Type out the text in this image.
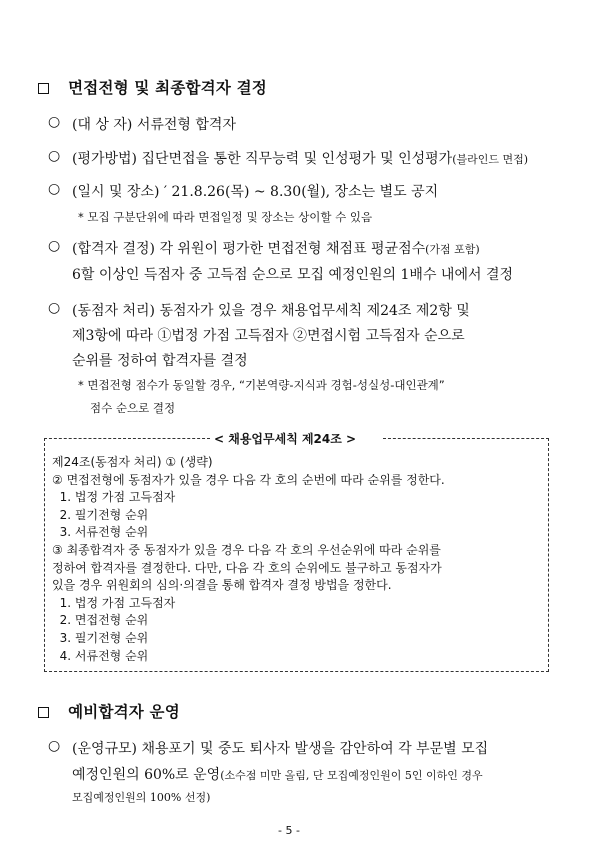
면접전형 및 최종합격자 결정
○ (대 상 자) 서류전형 합격자
○ (평가방법) 집단면접을 통한 직무능력 및 인성평가 및 인성평가(블라인드 면접)
○ (일시 및 장소) ′ 21.8.26(목) ~ 8.30(월), 장소는 별도 공지
* 모집 구분단위에 따라 면접일정 및 장소는 상이할 수 있음
○ (합격자 결정) 각 위원이 평가한 면접전형 채점표 평균점수(가점 포함)
6할 이상인 득점자 중 고득점 순으로 모집 예정인원의 1배수 내에서 결정
○ (동점자 처리) 동점자가 있을 경우 채용업무세칙 제24조 제2항 및
제3항에 따라 ①법정 가점 고득점자 ②면접시험 고득점자 순으로
순위를 정하여 합격자를 결정
* 면접전형 점수가 동일할 경우, “기본역량-지식과 경험-성실성-대인관계”
점수 순으로 결정
< 채용업무세칙 제24조 >
제24조(동점자 처리) ① (생략)
② 면접전형에 동점자가 있을 경우 다음 각 호의 순번에 따라 순위를 정한다.
1. 법정 가점 고득점자
2. 필기전형 순위
3. 서류전형 순위
③ 최종합격자 중 동점자가 있을 경우 다음 각 호의 우선순위에 따라 순위를
정하여 합격자를 결정한다. 다만, 다음 각 호의 순위에도 불구하고 동점자가
있을 경우 위원회의 심의·의결을 통해 합격자 결정 방법을 정한다.
1. 법정 가점 고득점자
2. 면접전형 순위
3. 필기전형 순위
4. 서류전형 순위
예비합격자 운영
○ (운영규모) 채용포기 및 중도 퇴사자 발생을 감안하여 각 부문별 모집
예정인원의 60%로 운영(소수점 미만 올림, 단 모집예정인원이 5인 이하인 경우
모집예정인원의 100% 선정)
- 5 -
